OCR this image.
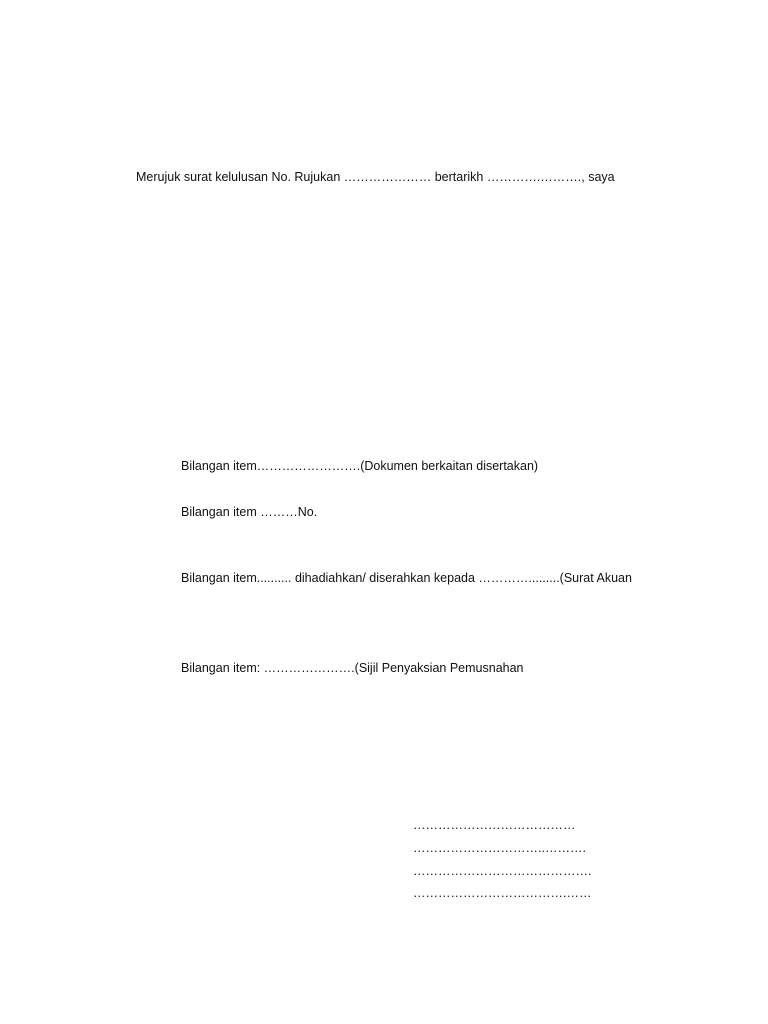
Merujuk surat kelulusan No. Rujukan ………………… bertarikh ………….………., saya
Bilangan item…………………….(Dokumen berkaitan disertakan)
Bilangan item ………No.
Bilangan item.......... dihadiahkan/ diserahkan kepada ………….........(Surat Akuan
Bilangan item: ………………….(Sijil Penyaksian Pemusnahan
…………………………………
…………………………..……….
…………………………………….
……………………………….……
